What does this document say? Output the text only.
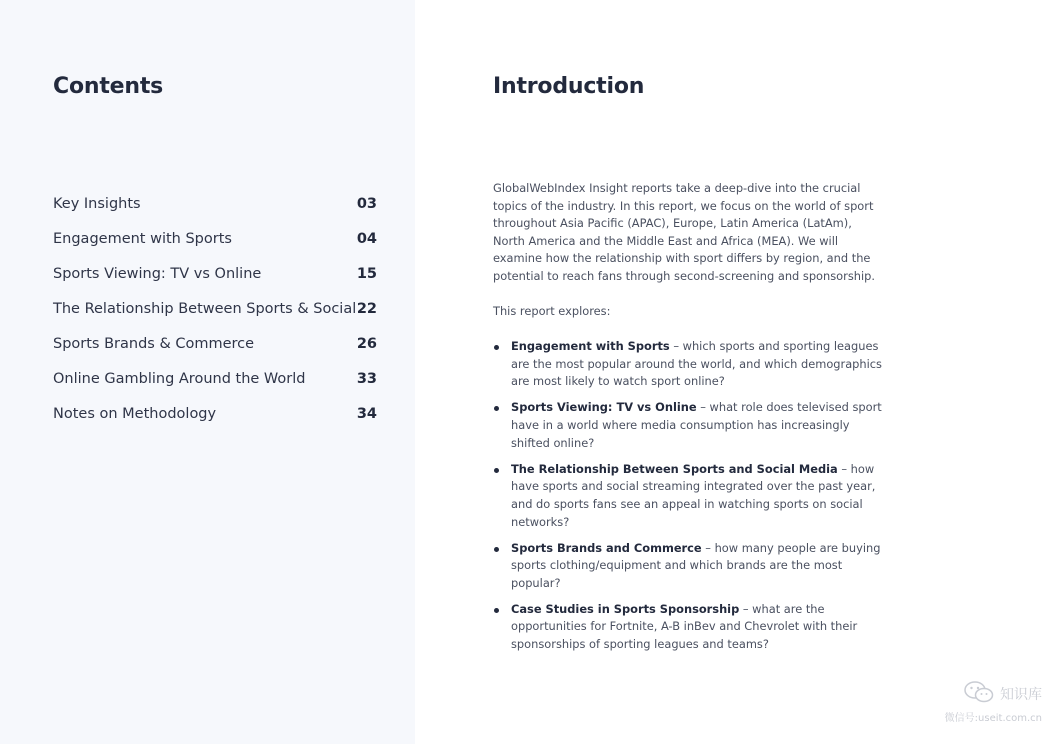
Contents
Key Insights	03
Engagement with Sports	04
Sports Viewing: TV vs Online	15
The Relationship Between Sports & Social 22
Sports Brands & Commerce	26
Online Gambling Around the World	33
Notes on Methodology	34
Introduction

GlobalWebIndex Insight reports take a deep-dive into the crucial topics of the industry. In this report, we focus on the world of sport throughout Asia Pacific (APAC), Europe, Latin America (LatAm), North America and the Middle East and Africa (MEA). We will examine how the relationship with sport differs by region, and the potential to reach fans through second-screening and sponsorship.

This report explores:

Engagement with Sports – which sports and sporting leagues are the most popular around the world, and which demographics are most likely to watch sport online?
Sports Viewing: TV vs Online – what role does televised sport have in a world where media consumption has increasingly shifted online?
The Relationship Between Sports and Social Media – how have sports and social streaming integrated over the past year, and do sports fans see an appeal in watching sports on social networks?
Sports Brands and Commerce – how many people are buying sports clothing/equipment and which brands are the most popular?
Case Studies in Sports Sponsorship – what are the opportunities for Fortnite, A-B inBev and Chevrolet with their sponsorships of sporting leagues and teams?
知识库
微信号:useit.com.cn
